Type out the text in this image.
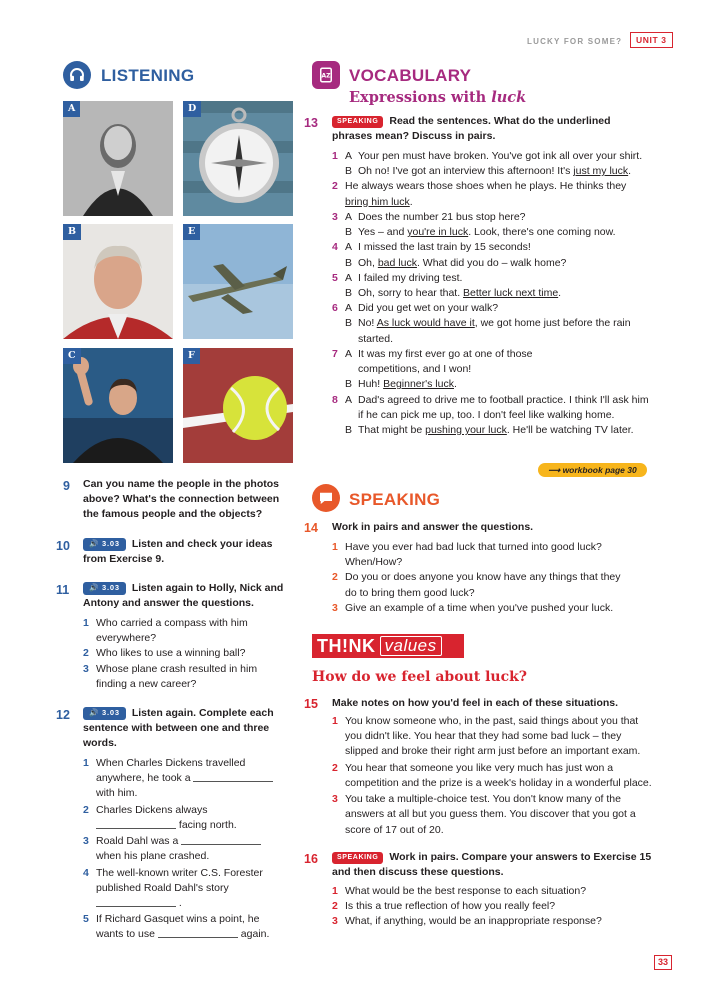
LUCKY FOR SOME?	UNIT 3
LISTENING
A	D
B	E
C	F
9 Can you name the people in the photos above? What's the connection between the famous people and the objects?
10	🔊 3.03 Listen and check your ideas from Exercise 9.
11	🔊 3.03 Listen again to Holly, Nick and Antony and answer the questions.
1 Who carried a compass with him everywhere?
2 Who likes to use a winning ball?
3 Whose plane crash resulted in him finding a new career?
12	🔊 3.03 Listen again. Complete each sentence with between one and three words.
1 When Charles Dickens travelled anywhere, he took a  with him.
2 Charles Dickens always
facing north.
3 Roald Dahl was a  when his plane crashed.
4 The well-known writer C.S. Forester published Roald Dahl's story
.
5 If Richard Gasquet wins a point, he wants to use	again.
AZ VOCABULARY
Expressions with luck
13	SPEAKING Read the sentences. What do the underlined phrases mean? Discuss in pairs.
1 A Your pen must have broken. You've got ink all over your shirt.
B Oh no! I've got an interview this afternoon! It's just my luck.
2 He always wears those shoes when he plays. He thinks they bring him luck.
3 A Does the number 21 bus stop here?
B Yes – and you're in luck. Look, there's one coming now.
4 A I missed the last train by 15 seconds!
B Oh, bad luck. What did you do – walk home?
5 A I failed my driving test.
B Oh, sorry to hear that. Better luck next time.
6 A Did you get wet on your walk?
B No! As luck would have it, we got home just before the rain started.
7 A It was my first ever go at one of those competitions, and I won!
B Huh! Beginner's luck.
8 A Dad's agreed to drive me to football practice. I think I'll ask him if he can pick me up, too. I don't feel like walking home.
B That might be pushing your luck. He'll be watching TV later.
⟶ workbook page 30
SPEAKING
14 Work in pairs and answer the questions.
1 Have you ever had bad luck that turned into good luck? When/How?
2 Do you or does anyone you know have any things that they do to bring them good luck?
3 Give an example of a time when you've pushed your luck.
TH!NK values
How do we feel about luck?
15 Make notes on how you'd feel in each of these situations.
1 You know someone who, in the past, said things about you that you didn't like. You hear that they had some bad luck – they slipped and broke their right arm just before an important exam.
2 You hear that someone you like very much has just won a competition and the prize is a week's holiday in a wonderful place.
3 You take a multiple-choice test. You don't know many of the answers at all but you guess them. You discover that you got a score of 17 out of 20.
16	SPEAKING Work in pairs. Compare your answers to Exercise 15 and then discuss these questions.
1 What would be the best response to each situation?
2 Is this a true reflection of how you really feel?
3 What, if anything, would be an inappropriate response?
33
